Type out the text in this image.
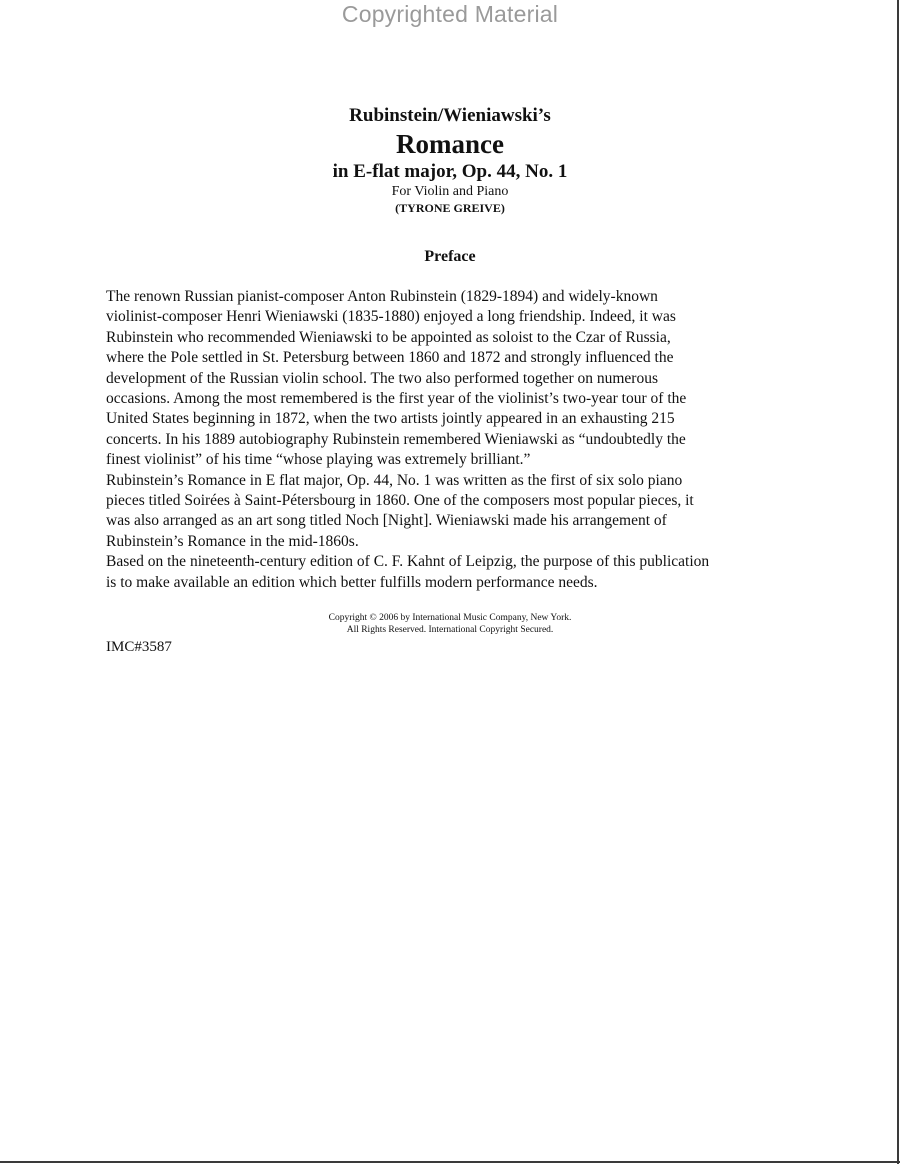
Copyrighted Material
Rubinstein/Wieniawski’s
Romance
in E-flat major, Op. 44, No. 1
For Violin and Piano
(TYRONE GREIVE)
Preface
The renown Russian pianist-composer Anton Rubinstein (1829-1894) and widely-known
violinist-composer Henri Wieniawski (1835-1880) enjoyed a long friendship. Indeed, it was
Rubinstein who recommended Wieniawski to be appointed as soloist to the Czar of Russia,
where the Pole settled in St. Petersburg between 1860 and 1872 and strongly influenced the
development of the Russian violin school. The two also performed together on numerous
occasions. Among the most remembered is the first year of the violinist’s two-year tour of the
United States beginning in 1872, when the two artists jointly appeared in an exhausting 215
concerts. In his 1889 autobiography Rubinstein remembered Wieniawski as “undoubtedly the
finest violinist” of his time “whose playing was extremely brilliant.”
Rubinstein’s Romance in E flat major, Op. 44, No. 1 was written as the first of six solo piano
pieces titled Soirées à Saint-Pétersbourg in 1860. One of the composers most popular pieces, it
was also arranged as an art song titled Noch [Night]. Wieniawski made his arrangement of
Rubinstein’s Romance in the mid-1860s.
Based on the nineteenth-century edition of C. F. Kahnt of Leipzig, the purpose of this publication
is to make available an edition which better fulfills modern performance needs.
Copyright © 2006 by International Music Company, New York.
All Rights Reserved. International Copyright Secured.
IMC#3587
